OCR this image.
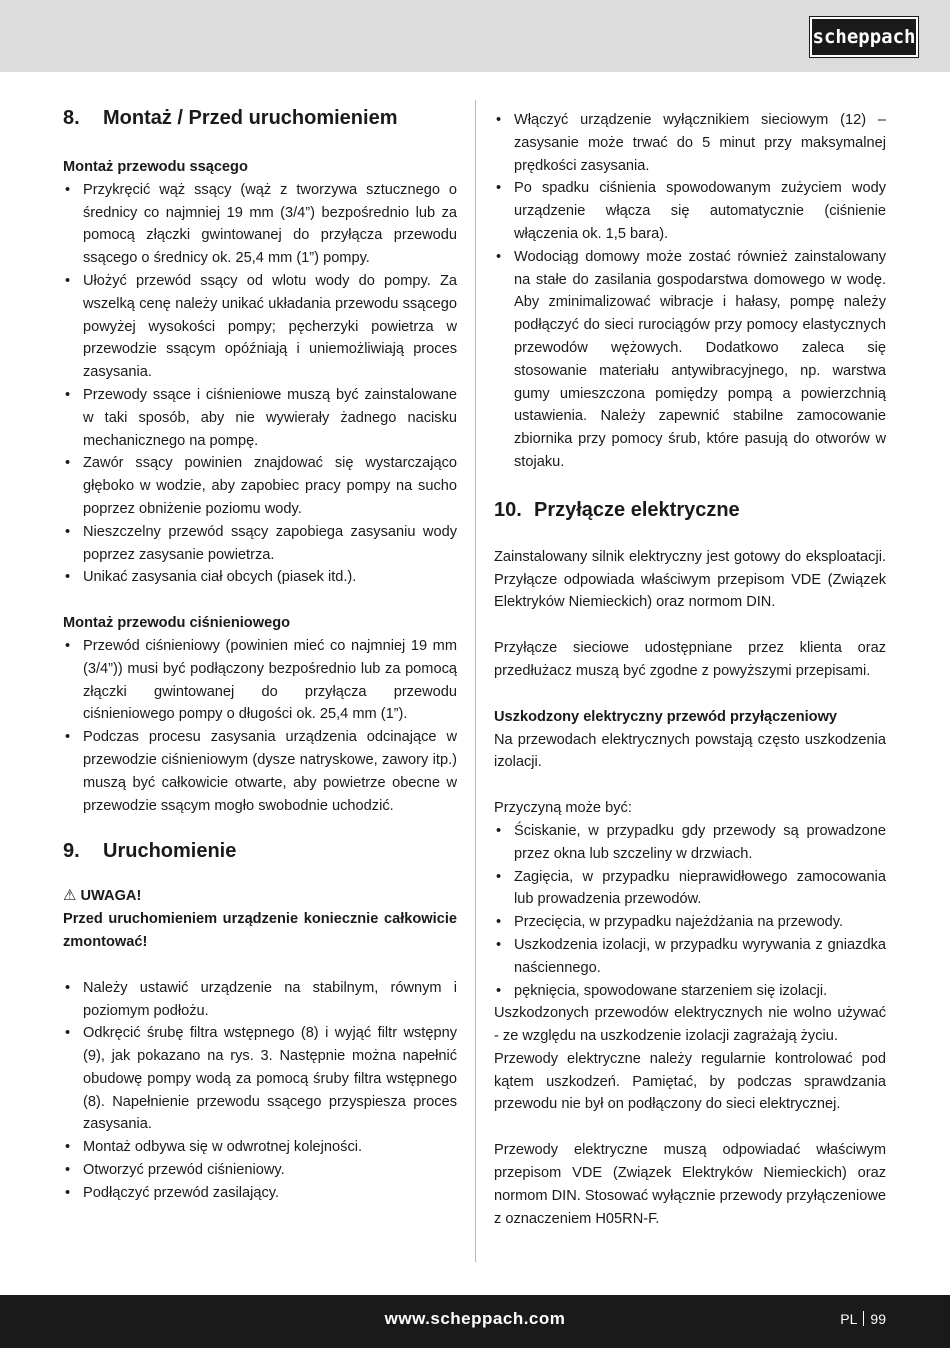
scheppach
8.	Montaż / Przed uruchomieniem
Montaż przewodu ssącego
• Przykręcić wąż ssący (wąż z tworzywa sztucznego o średnicy co najmniej 19 mm (3/4”) bezpośrednio lub za pomocą złączki gwintowanej do przyłącza przewodu ssącego o średnicy ok. 25,4 mm (1”) pompy.
• Ułożyć przewód ssący od wlotu wody do pompy. Za wszelką cenę należy unikać układania przewodu ssącego powyżej wysokości pompy; pęcherzyki powietrza w przewodzie ssącym opóźniają i uniemożliwiają proces zasysania.
• Przewody ssące i ciśnieniowe muszą być zainstalowane w taki sposób, aby nie wywierały żadnego nacisku mechanicznego na pompę.
• Zawór ssący powinien znajdować się wystarczająco głęboko w wodzie, aby zapobiec pracy pompy na sucho poprzez obniżenie poziomu wody.
• Nieszczelny przewód ssący zapobiega zasysaniu wody poprzez zasysanie powietrza.
• Unikać zasysania ciał obcych (piasek itd.).
Montaż przewodu ciśnieniowego
• Przewód ciśnieniowy (powinien mieć co najmniej 19 mm (3/4”)) musi być podłączony bezpośrednio lub za pomocą złączki gwintowanej do przyłącza przewodu ciśnieniowego pompy o długości ok. 25,4 mm (1”).
• Podczas procesu zasysania urządzenia odcinające w przewodzie ciśnieniowym (dysze natryskowe, zawory itp.) muszą być całkowicie otwarte, aby powietrze obecne w przewodzie ssącym mogło swobodnie uchodzić.
9.	Uruchomienie
⚠ UWAGA!

Przed uruchomieniem urządzenie koniecznie całkowicie zmontować!

• Należy ustawić urządzenie na stabilnym, równym i poziomym podłożu.
• Odkręcić śrubę filtra wstępnego (8) i wyjąć filtr wstępny (9), jak pokazano na rys. 3. Następnie można napełnić obudowę pompy wodą za pomocą śruby filtra wstępnego (8). Napełnienie przewodu ssącego przyspiesza proces zasysania.
• Montaż odbywa się w odwrotnej kolejności.
• Otworzyć przewód ciśnieniowy.
• Podłączyć przewód zasilający.
• Włączyć urządzenie wyłącznikiem sieciowym (12) – zasysanie może trwać do 5 minut przy maksymalnej prędkości zasysania.
• Po spadku ciśnienia spowodowanym zużyciem wody urządzenie włącza się automatycznie (ciśnienie włączenia ok. 1,5 bara).
• Wodociąg domowy może zostać również zainstalowany na stałe do zasilania gospodarstwa domowego w wodę. Aby zminimalizować wibracje i hałasy, pompę należy podłączyć do sieci rurociągów przy pomocy elastycznych przewodów wężowych. Dodatkowo zaleca się stosowanie materiału antywibracyjnego, np. warstwa gumy umieszczona pomiędzy pompą a powierzchnią ustawienia. Należy zapewnić stabilne zamocowanie zbiornika przy pomocy śrub, które pasują do otworów w stojaku.
10. Przyłącze elektryczne

Zainstalowany silnik elektryczny jest gotowy do eksploatacji. Przyłącze odpowiada właściwym przepisom VDE (Związek Elektryków Niemieckich) oraz normom DIN.

Przyłącze sieciowe udostępniane przez klienta oraz przedłużacz muszą być zgodne z powyższymi przepisami.

Uszkodzony elektryczny przewód przyłączeniowy

Na przewodach elektrycznych powstają często uszkodzenia izolacji.

Przyczyną może być:

• Ściskanie, w przypadku gdy przewody są prowadzone przez okna lub szczeliny w drzwiach.
• Zagięcia, w przypadku nieprawidłowego zamocowania lub prowadzenia przewodów.
• Przecięcia, w przypadku najeżdżania na przewody.
• Uszkodzenia izolacji, w przypadku wyrywania z gniazdka naściennego.
• pęknięcia, spowodowane starzeniem się izolacji.

Uszkodzonych przewodów elektrycznych nie wolno używać - ze względu na uszkodzenie izolacji zagrażają życiu.

Przewody elektryczne należy regularnie kontrolować pod kątem uszkodzeń. Pamiętać, by podczas sprawdzania przewodu nie był on podłączony do sieci elektrycznej.

Przewody elektryczne muszą odpowiadać właściwym przepisom VDE (Związek Elektryków Niemieckich) oraz normom DIN. Stosować wyłącznie przewody przyłączeniowe z oznaczeniem H05RN-F.

www.scheppach.com	PL 99
